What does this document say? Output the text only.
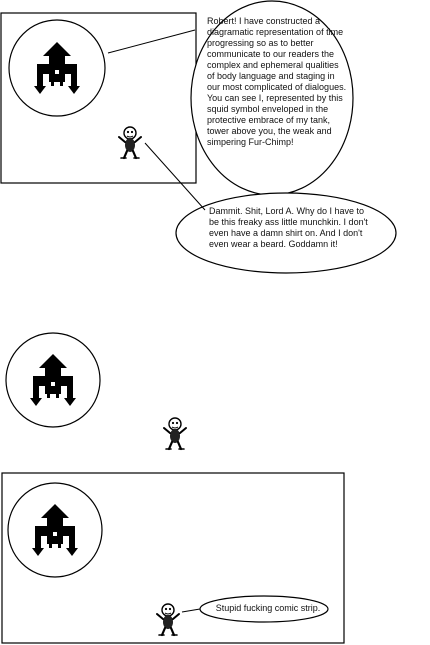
Robert! I have constructed a diagramatic representation of time progressing so as to better communicate to our readers the complex and ephemeral qualities of body language and staging in our most complicated of dialogues. You can see I, represented by this squid symbol enveloped in the protective embrace of my tank, tower above you, the weak and simpering Fur-Chimp!

Dammit. Shit, Lord A. Why do I have to be this freaky ass little munchkin. I don't even have a damn shirt on. And I don't even wear a beard. Goddamn it!

Stupid fucking comic strip.
